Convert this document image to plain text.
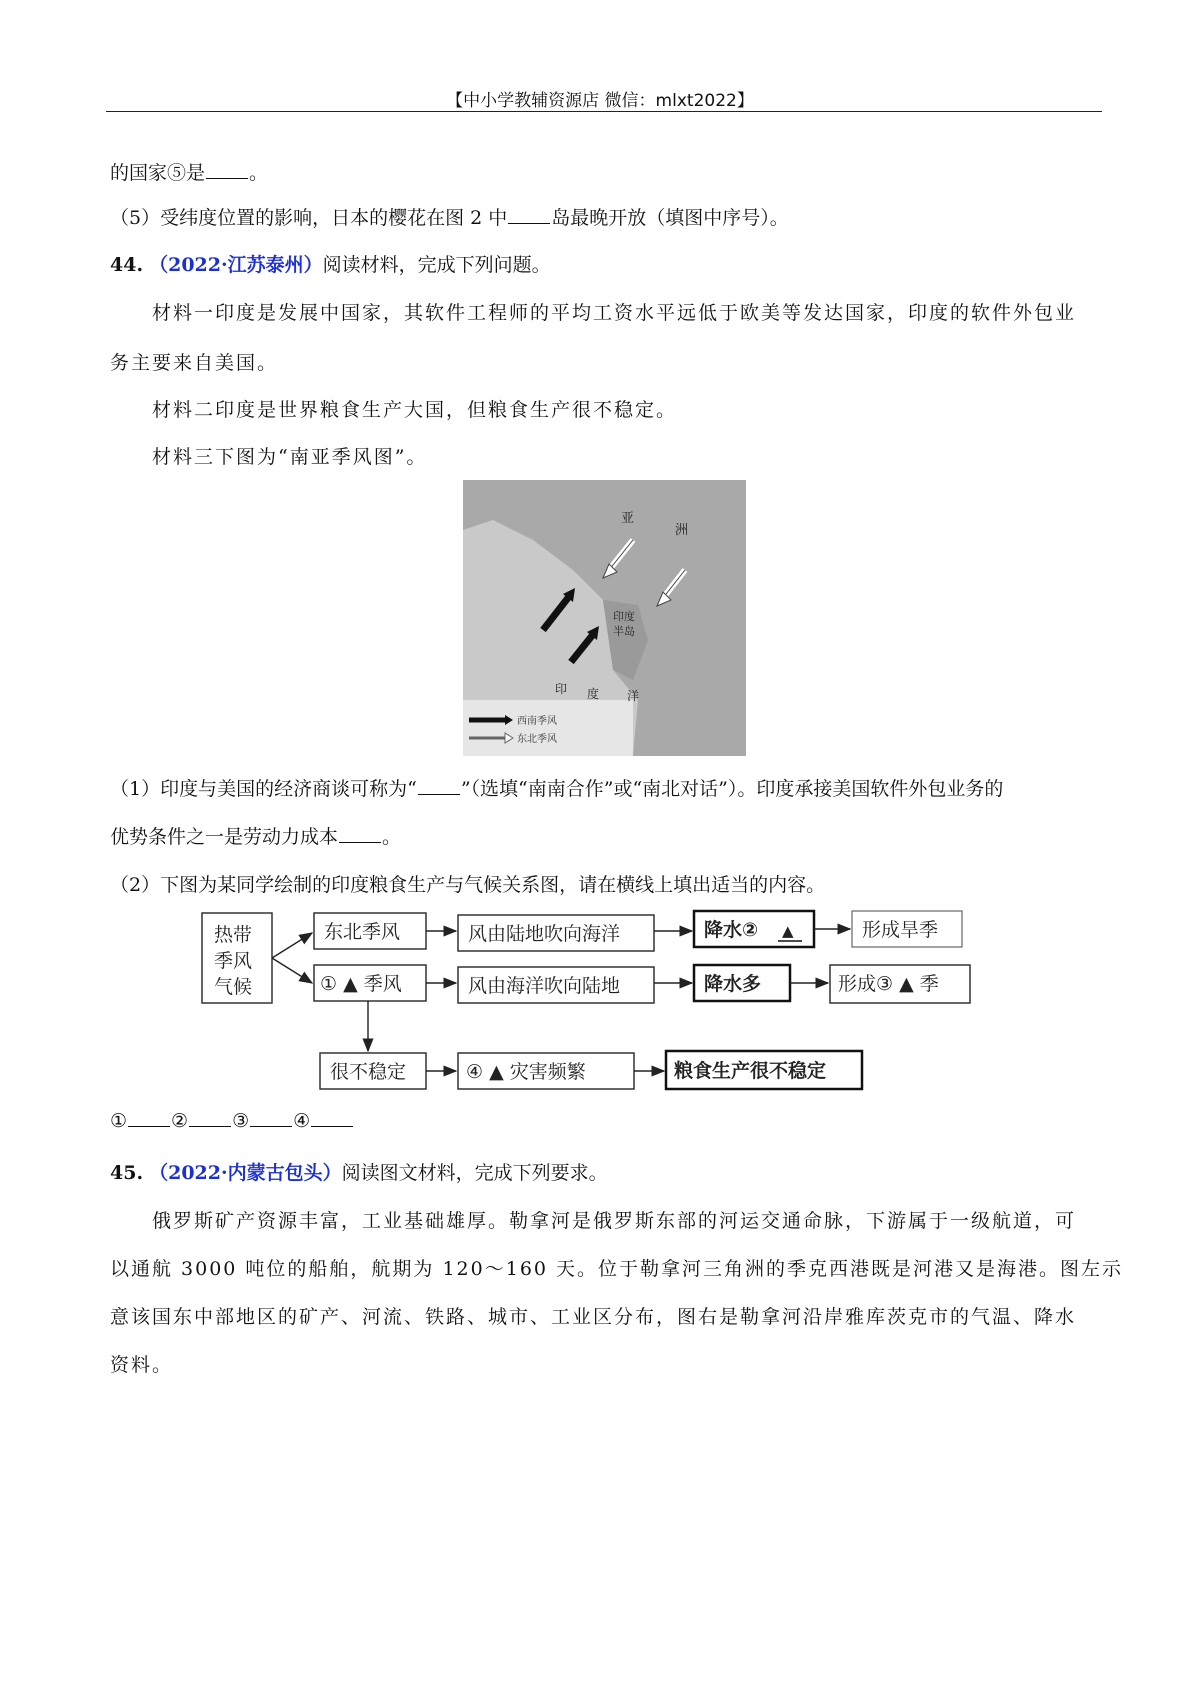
【中小学教辅资源店 微信：mlxt2022】
的国家⑤是 。
（5）受纬度位置的影响，日本的樱花在图 2 中 岛最晚开放（填图中序号）。
44. （2022·江苏泰州）阅读材料，完成下列问题。
材料一印度是发展中国家，其软件工程师的平均工资水平远低于欧美等发达国家，印度的软件外包业
务主要来自美国。
材料二印度是世界粮食生产大国，但粮食生产很不稳定。
材料三下图为“南亚季风图”。
亚
洲
印度
半岛
印 度 洋
西南季风
东北季风
（1）印度与美国的经济商谈可称为“ ”（选填“南南合作”或“南北对话”）。印度承接美国软件外包业务的
优势条件之一是劳动力成本 。
（2）下图为某同学绘制的印度粮食生产与气候关系图，请在横线上填出适当的内容。
热带
季风
气候
东北季风	风由陆地吹向海洋	降水② ▲	形成旱季
① ▲ 季风	风由海洋吹向陆地	降水多	形成③ ▲ 季
很不稳定	④ ▲ 灾害频繁	粮食生产很不稳定
① ② ③ ④
45. （2022·内蒙古包头）阅读图文材料，完成下列要求。
俄罗斯矿产资源丰富，工业基础雄厚。勒拿河是俄罗斯东部的河运交通命脉，下游属于一级航道，可
以通航 3000 吨位的船舶，航期为 120～160 天。位于勒拿河三角洲的季克西港既是河港又是海港。图左示
意该国东中部地区的矿产、河流、铁路、城市、工业区分布，图右是勒拿河沿岸雅库茨克市的气温、降水
资料。
